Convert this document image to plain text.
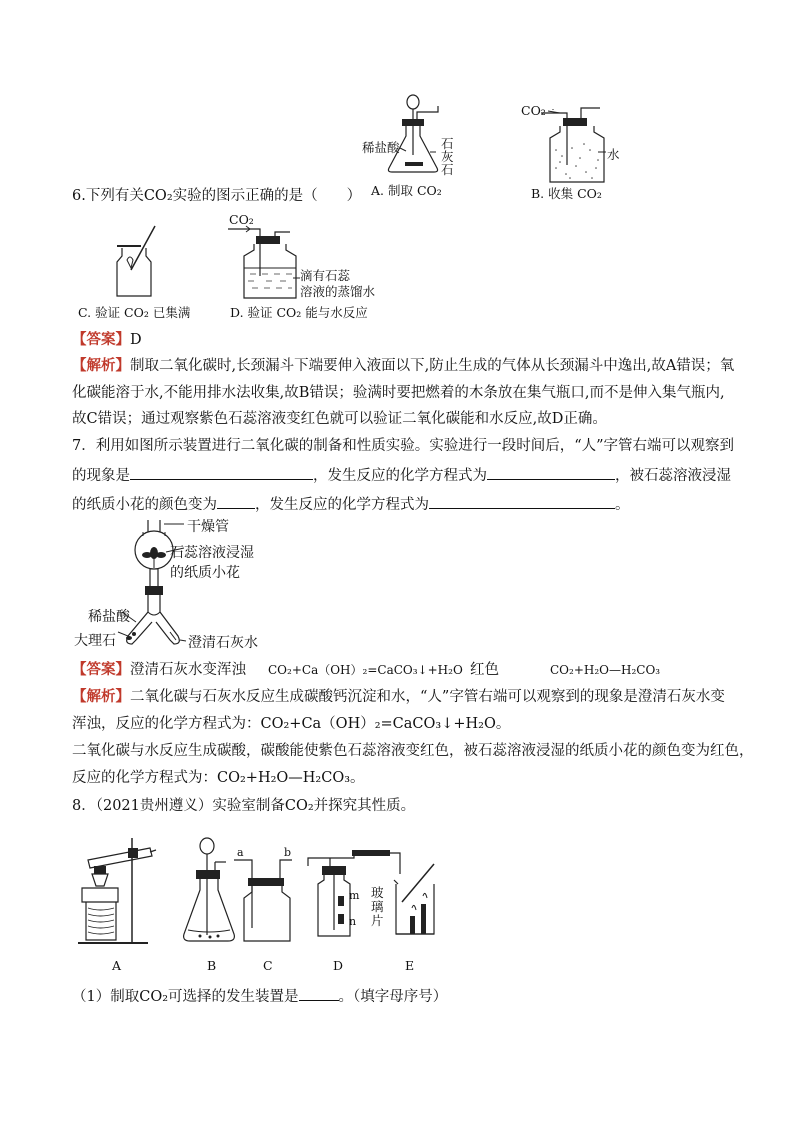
稀盐酸	石灰石
A. 制取 CO₂
CO₂
水
B. 收集 CO₂
6.下列有关CO₂实验的图示正确的是（　　）
CO₂
滴有石蕊
溶液的蒸馏水
C. 验证 CO₂ 已集满	D. 验证 CO₂ 能与水反应
【答案】D
【解析】制取二氧化碳时,长颈漏斗下端要伸入液面以下,防止生成的气体从长颈漏斗中逸出,故A错误；氧
化碳能溶于水,不能用排水法收集,故B错误；验满时要把燃着的木条放在集气瓶口,而不是伸入集气瓶内,
故C错误；通过观察紫色石蕊溶液变红色就可以验证二氧化碳能和水反应,故D正确。
7．利用如图所示装置进行二氧化碳的制备和性质实验。实验进行一段时间后，“人”字管右端可以观察到
的现象是	，发生反应的化学方程式为	，被石蕊溶液浸湿
的纸质小花的颜色变为	，发生反应的化学方程式为	。
干燥管
石蕊溶液浸湿
的纸质小花
稀盐酸
大理石	澄清石灰水
【答案】澄清石灰水变浑浊 CO₂+Ca（OH）₂=CaCO₃↓+H₂O 红色	CO₂+H₂O—H₂CO₃
【解析】二氧化碳与石灰水反应生成碳酸钙沉淀和水，“人”字管右端可以观察到的现象是澄清石灰水变
浑浊，反应的化学方程式为：CO₂+Ca（OH）₂=CaCO₃↓+H₂O。
二氧化碳与水反应生成碳酸，碳酸能使紫色石蕊溶液变红色，被石蕊溶液浸湿的纸质小花的颜色变为红色，
反应的化学方程式为：CO₂+H₂O—H₂CO₃。
8．（2021贵州遵义）实验室制备CO₂并探究其性质。
a	b
m
n
玻璃片
A	B	C	D	E
（1）制取CO₂可选择的发生装置是	。（填字母序号）
